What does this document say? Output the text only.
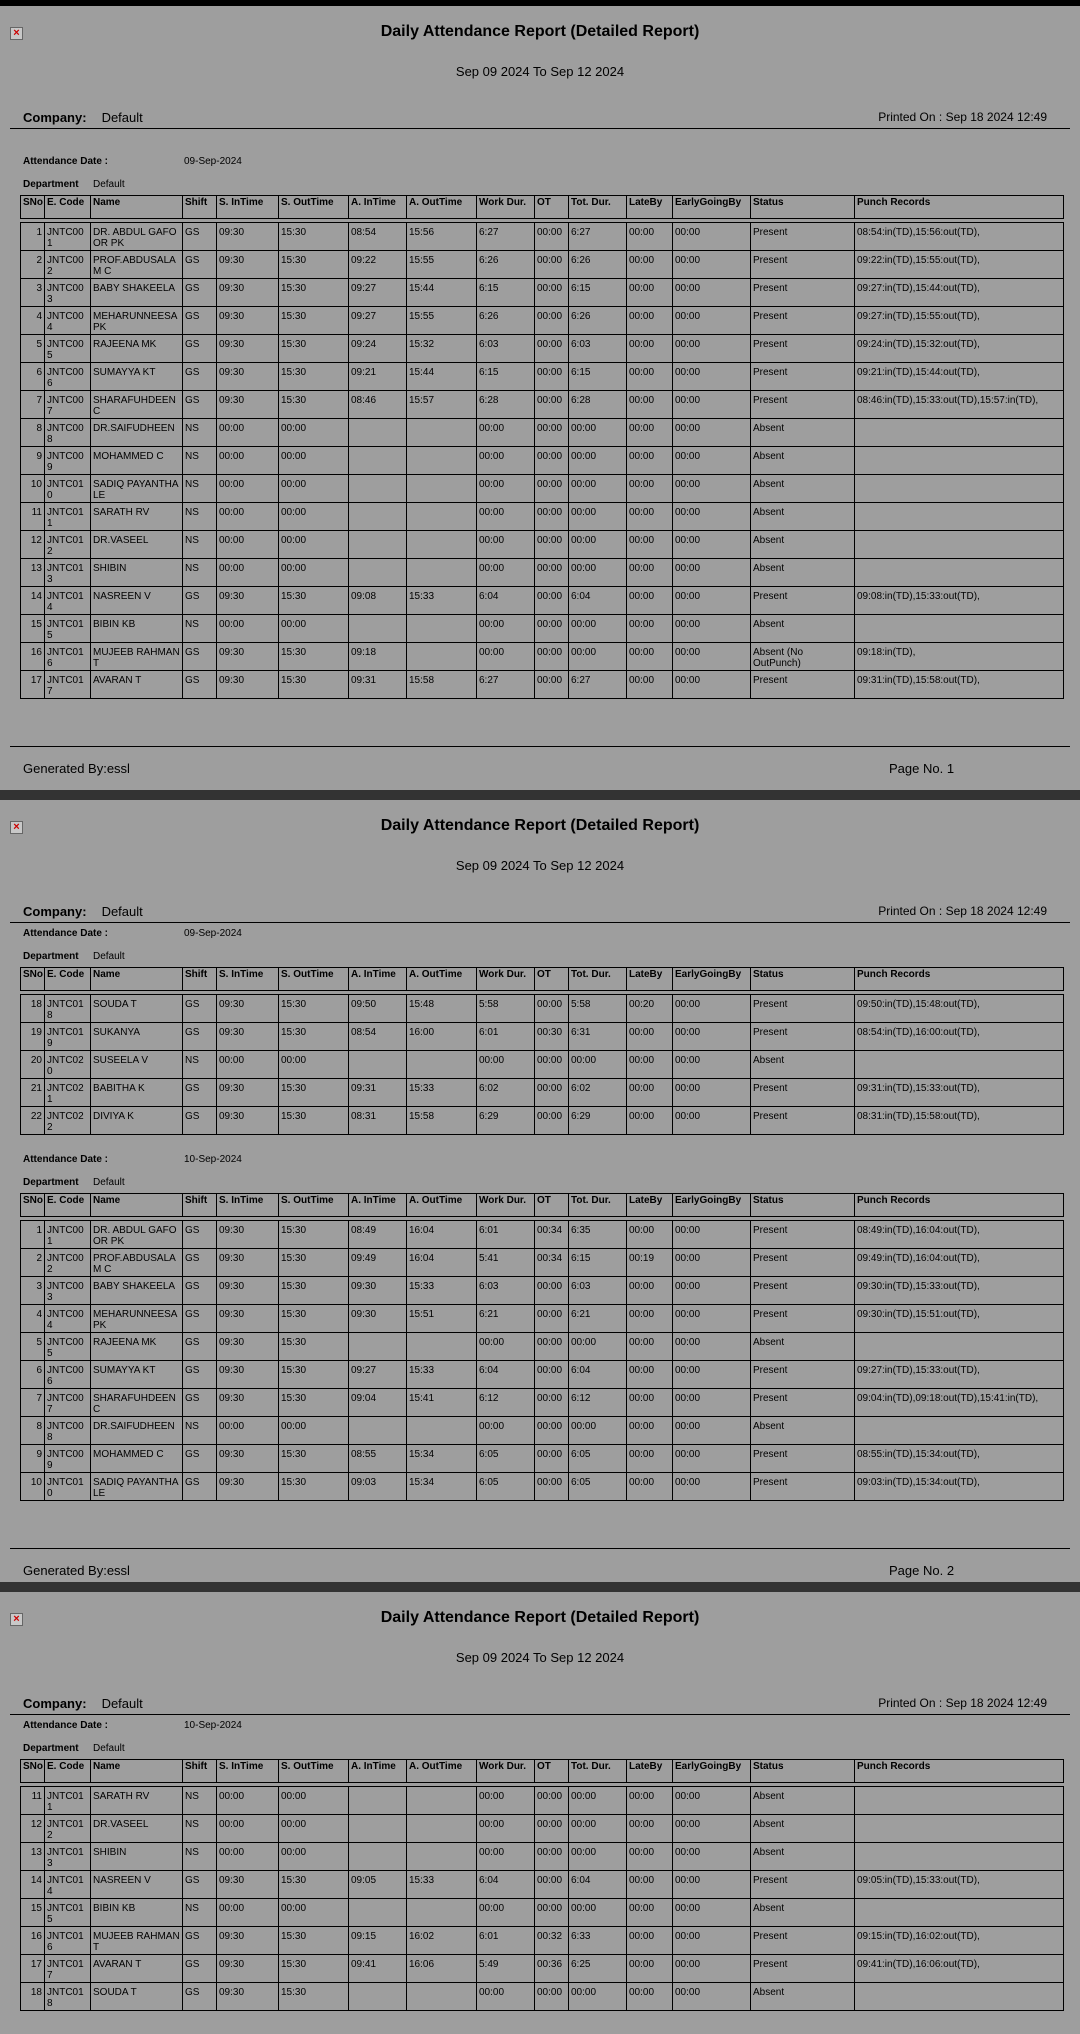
×	Daily Attendance Report (Detailed Report)
Sep 09 2024 To Sep 12 2024
Company: Default	Printed On : Sep 18 2024 12:49
Attendance Date :	09-Sep-2024
Department Default
SNo	E. Code	Name	Shift	S. InTime	S. OutTime	A. InTime	A. OutTime	Work Dur.	OT	Tot. Dur.	LateBy	EarlyGoingBy	Status	Punch Records

1	JNTC001	DR. ABDUL GAFOOR PK	GS	09:30	15:30	08:54	15:56	6:27	00:00	6:27	00:00	00:00	Present	08:54:in(TD),15:56:out(TD),
2	JNTC002	PROF.ABDUSALAM C	GS	09:30	15:30	09:22	15:55	6:26	00:00	6:26	00:00	00:00	Present	09:22:in(TD),15:55:out(TD),
3	JNTC003	BABY SHAKEELA	GS	09:30	15:30	09:27	15:44	6:15	00:00	6:15	00:00	00:00	Present	09:27:in(TD),15:44:out(TD),
4	JNTC004	MEHARUNNEESA PK	GS	09:30	15:30	09:27	15:55	6:26	00:00	6:26	00:00	00:00	Present	09:27:in(TD),15:55:out(TD),
5	JNTC005	RAJEENA MK	GS	09:30	15:30	09:24	15:32	6:03	00:00	6:03	00:00	00:00	Present	09:24:in(TD),15:32:out(TD),
6	JNTC006	SUMAYYA KT	GS	09:30	15:30	09:21	15:44	6:15	00:00	6:15	00:00	00:00	Present	09:21:in(TD),15:44:out(TD),
7	JNTC007	SHARAFUHDEEN C	GS	09:30	15:30	08:46	15:57	6:28	00:00	6:28	00:00	00:00	Present	08:46:in(TD),15:33:out(TD),15:57:in(TD),
8	JNTC008	DR.SAIFUDHEEN	NS	00:00	00:00			00:00	00:00	00:00	00:00	00:00	Absent	
9	JNTC009	MOHAMMED C	NS	00:00	00:00			00:00	00:00	00:00	00:00	00:00	Absent	
10	JNTC010	SADIQ PAYANTHALE	NS	00:00	00:00			00:00	00:00	00:00	00:00	00:00	Absent	
11	JNTC011	SARATH RV	NS	00:00	00:00			00:00	00:00	00:00	00:00	00:00	Absent	
12	JNTC012	DR.VASEEL	NS	00:00	00:00			00:00	00:00	00:00	00:00	00:00	Absent	
13	JNTC013	SHIBIN	NS	00:00	00:00			00:00	00:00	00:00	00:00	00:00	Absent	
14	JNTC014	NASREEN V	GS	09:30	15:30	09:08	15:33	6:04	00:00	6:04	00:00	00:00	Present	09:08:in(TD),15:33:out(TD),
15	JNTC015	BIBIN KB	NS	00:00	00:00			00:00	00:00	00:00	00:00	00:00	Absent	
16	JNTC016	MUJEEB RAHMAN T	GS	09:30	15:30	09:18		00:00	00:00	00:00	00:00	00:00	Absent (No OutPunch)	09:18:in(TD),
17	JNTC017	AVARAN T	GS	09:30	15:30	09:31	15:58	6:27	00:00	6:27	00:00	00:00	Present	09:31:in(TD),15:58:out(TD),
Generated By:essl	Page No. 1
×	Daily Attendance Report (Detailed Report)
Sep 09 2024 To Sep 12 2024
Company: Default	Printed On : Sep 18 2024 12:49
Attendance Date :	09-Sep-2024
Department Default
SNo	E. Code	Name	Shift	S. InTime	S. OutTime	A. InTime	A. OutTime	Work Dur.	OT	Tot. Dur.	LateBy	EarlyGoingBy	Status	Punch Records

18	JNTC018	SOUDA T	GS	09:30	15:30	09:50	15:48	5:58	00:00	5:58	00:20	00:00	Present	09:50:in(TD),15:48:out(TD),
19	JNTC019	SUKANYA	GS	09:30	15:30	08:54	16:00	6:01	00:30	6:31	00:00	00:00	Present	08:54:in(TD),16:00:out(TD),
20	JNTC020	SUSEELA V	NS	00:00	00:00			00:00	00:00	00:00	00:00	00:00	Absent	
21	JNTC021	BABITHA K	GS	09:30	15:30	09:31	15:33	6:02	00:00	6:02	00:00	00:00	Present	09:31:in(TD),15:33:out(TD),
22	JNTC022	DIVIYA K	GS	09:30	15:30	08:31	15:58	6:29	00:00	6:29	00:00	00:00	Present	08:31:in(TD),15:58:out(TD),
Attendance Date :	10-Sep-2024
Department Default
SNo	E. Code	Name	Shift	S. InTime	S. OutTime	A. InTime	A. OutTime	Work Dur.	OT	Tot. Dur.	LateBy	EarlyGoingBy	Status	Punch Records

1	JNTC001	DR. ABDUL GAFOOR PK	GS	09:30	15:30	08:49	16:04	6:01	00:34	6:35	00:00	00:00	Present	08:49:in(TD),16:04:out(TD),
2	JNTC002	PROF.ABDUSALAM C	GS	09:30	15:30	09:49	16:04	5:41	00:34	6:15	00:19	00:00	Present	09:49:in(TD),16:04:out(TD),
3	JNTC003	BABY SHAKEELA	GS	09:30	15:30	09:30	15:33	6:03	00:00	6:03	00:00	00:00	Present	09:30:in(TD),15:33:out(TD),
4	JNTC004	MEHARUNNEESA PK	GS	09:30	15:30	09:30	15:51	6:21	00:00	6:21	00:00	00:00	Present	09:30:in(TD),15:51:out(TD),
5	JNTC005	RAJEENA MK	GS	09:30	15:30			00:00	00:00	00:00	00:00	00:00	Absent	
6	JNTC006	SUMAYYA KT	GS	09:30	15:30	09:27	15:33	6:04	00:00	6:04	00:00	00:00	Present	09:27:in(TD),15:33:out(TD),
7	JNTC007	SHARAFUHDEEN C	GS	09:30	15:30	09:04	15:41	6:12	00:00	6:12	00:00	00:00	Present	09:04:in(TD),09:18:out(TD),15:41:in(TD),
8	JNTC008	DR.SAIFUDHEEN	NS	00:00	00:00			00:00	00:00	00:00	00:00	00:00	Absent	
9	JNTC009	MOHAMMED C	GS	09:30	15:30	08:55	15:34	6:05	00:00	6:05	00:00	00:00	Present	08:55:in(TD),15:34:out(TD),
10	JNTC010	SADIQ PAYANTHALE	GS	09:30	15:30	09:03	15:34	6:05	00:00	6:05	00:00	00:00	Present	09:03:in(TD),15:34:out(TD),
Generated By:essl	Page No. 2
×	Daily Attendance Report (Detailed Report)
Sep 09 2024 To Sep 12 2024
Company: Default	Printed On : Sep 18 2024 12:49
Attendance Date :	10-Sep-2024
Department Default
SNo	E. Code	Name	Shift	S. InTime	S. OutTime	A. InTime	A. OutTime	Work Dur.	OT	Tot. Dur.	LateBy	EarlyGoingBy	Status	Punch Records

11	JNTC011	SARATH RV	NS	00:00	00:00			00:00	00:00	00:00	00:00	00:00	Absent	
12	JNTC012	DR.VASEEL	NS	00:00	00:00			00:00	00:00	00:00	00:00	00:00	Absent	
13	JNTC013	SHIBIN	NS	00:00	00:00			00:00	00:00	00:00	00:00	00:00	Absent	
14	JNTC014	NASREEN V	GS	09:30	15:30	09:05	15:33	6:04	00:00	6:04	00:00	00:00	Present	09:05:in(TD),15:33:out(TD),
15	JNTC015	BIBIN KB	NS	00:00	00:00			00:00	00:00	00:00	00:00	00:00	Absent	
16	JNTC016	MUJEEB RAHMAN T	GS	09:30	15:30	09:15	16:02	6:01	00:32	6:33	00:00	00:00	Present	09:15:in(TD),16:02:out(TD),
17	JNTC017	AVARAN T	GS	09:30	15:30	09:41	16:06	5:49	00:36	6:25	00:00	00:00	Present	09:41:in(TD),16:06:out(TD),
18	JNTC018	SOUDA T	GS	09:30	15:30			00:00	00:00	00:00	00:00	00:00	Absent	
